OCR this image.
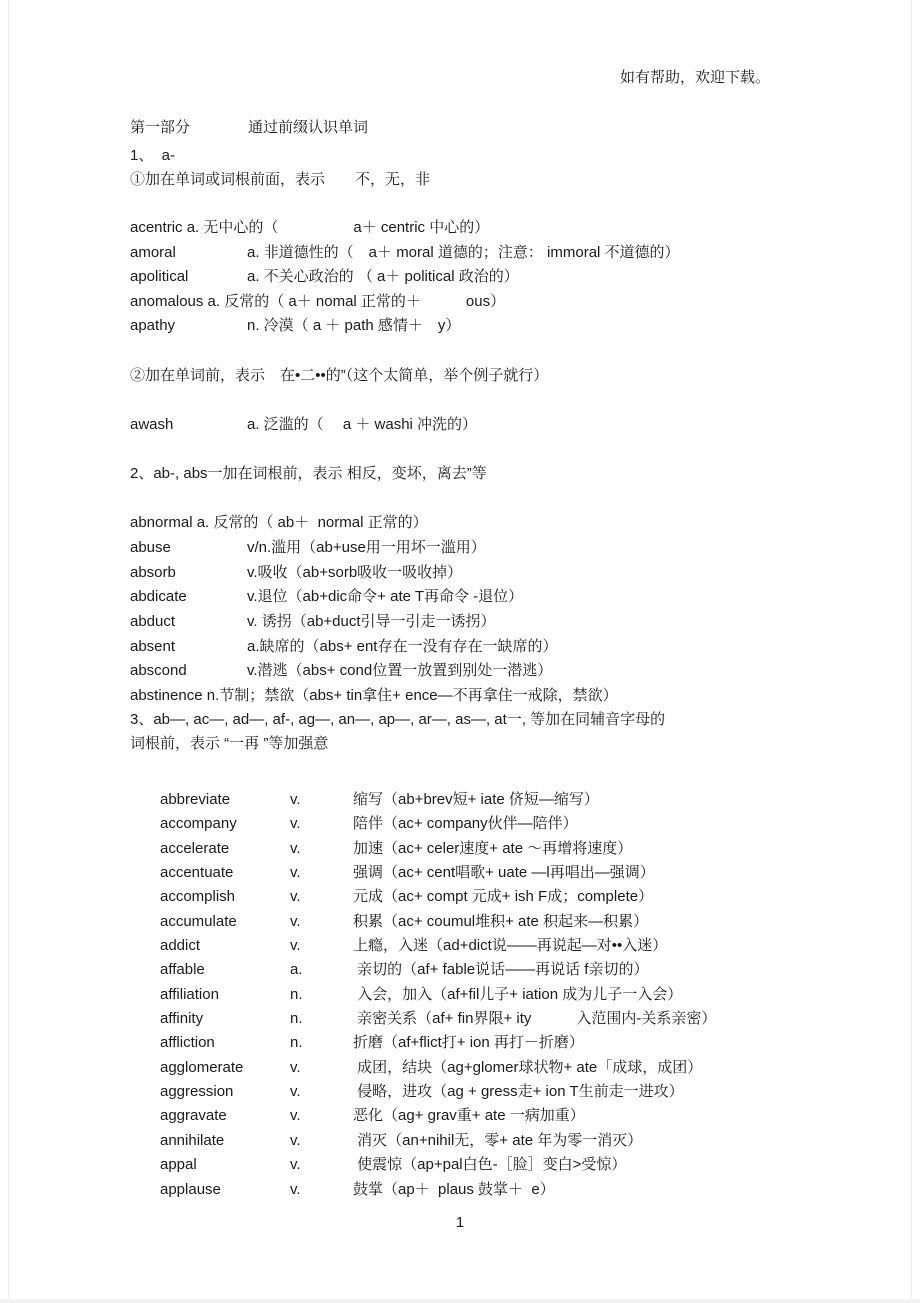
如有帮助，欢迎下载。
第一部分	通过前缀认识单词
1、  a-
①加在单词或词根前面，表示　　不，无，非
acentric a. 无中心的（　　　　　a＋ centric 中心的）
amoral	a. 非道德性的（　a＋ moral 道德的；注意： immoral 不道德的）
apolitical	a. 不关心政治的 （ a＋ political 政治的）
anomalous a. 反常的（ a＋ nomal 正常的＋　　　ous）
apathy	n. 冷漠（ a ＋ path 感情＋　y）
②加在单词前，表示　在•二••的”（这个太简单，举个例子就行）
awash	a. 泛滥的（　 a ＋ washi 冲洗的）
2、ab-, abs一加在词根前，表示 相反，变坏，离去”等
abnormal a. 反常的（ ab＋  normal 正常的）
abuse	v/n.滥用（ab+use用一用坏一滥用）
absorb	v.吸收（ab+sorb吸收一吸收掉）
abdicate	v.退位（ab+dic命令+ ate T再命令 -退位）
abduct	v. 诱拐（ab+duct引导一引走一诱拐）
absent	a.缺席的（abs+ ent存在一没有存在一缺席的）
abscond	v.潜逃（abs+ cond位置一放置到别处一潜逃）
abstinence n.节制；禁欲（abs+ tin拿住+ ence—不再拿住一戒除，禁欲）
3、ab—, ac—, ad—, af-, ag—, an—, ap—, ar—, as—, at一, 等加在同辅音字母的
词根前，表示 “一再 ”等加强意
abbreviate	v.	缩写（ab+brev短+ iate 侪短—缩写）
accompany	v.	陪伴（ac+ company伙伴—陪伴）
accelerate	v.	加速（ac+ celer速度+ ate 〜再增将速度）
accentuate	v.	强调（ac+ cent唱歌+ uate —l再唱出—强调）
accomplish	v.	元成（ac+ compt 元成+ ish F成；complete）
accumulate	v.	积累（ac+ coumul堆积+ ate 积起来—积累）
addict	v.	上瘾，入迷（ad+dict说——再说起—对••入迷）
affable	a.	亲切的（af+ fable说话——再说话 f亲切的）
affiliation	n.	入会，加入（af+fil儿子+ iation 成为儿子一入会）
affinity	n.	亲密关系（af+ fin界限+ ity　　　入范围内-关系亲密）
affliction	n.	折磨（af+flict打+ ion 再打－折磨）
agglomerate	v.	成团，结块（ag+glomer球状物+ ate「成球，成团）
aggression	v.	侵略，进攻（ag + gress走+ ion T生前走一进攻）
aggravate	v.	恶化（ag+ grav重+ ate 一病加重）
annihilate	v.	消灭（an+nihil无，零+ ate 年为零一消灭）
appal	v.	使震惊（ap+pal白色-［脸］变白>受惊）
applause	v.	鼓掌（ap＋  plaus 鼓掌＋  e）
1
